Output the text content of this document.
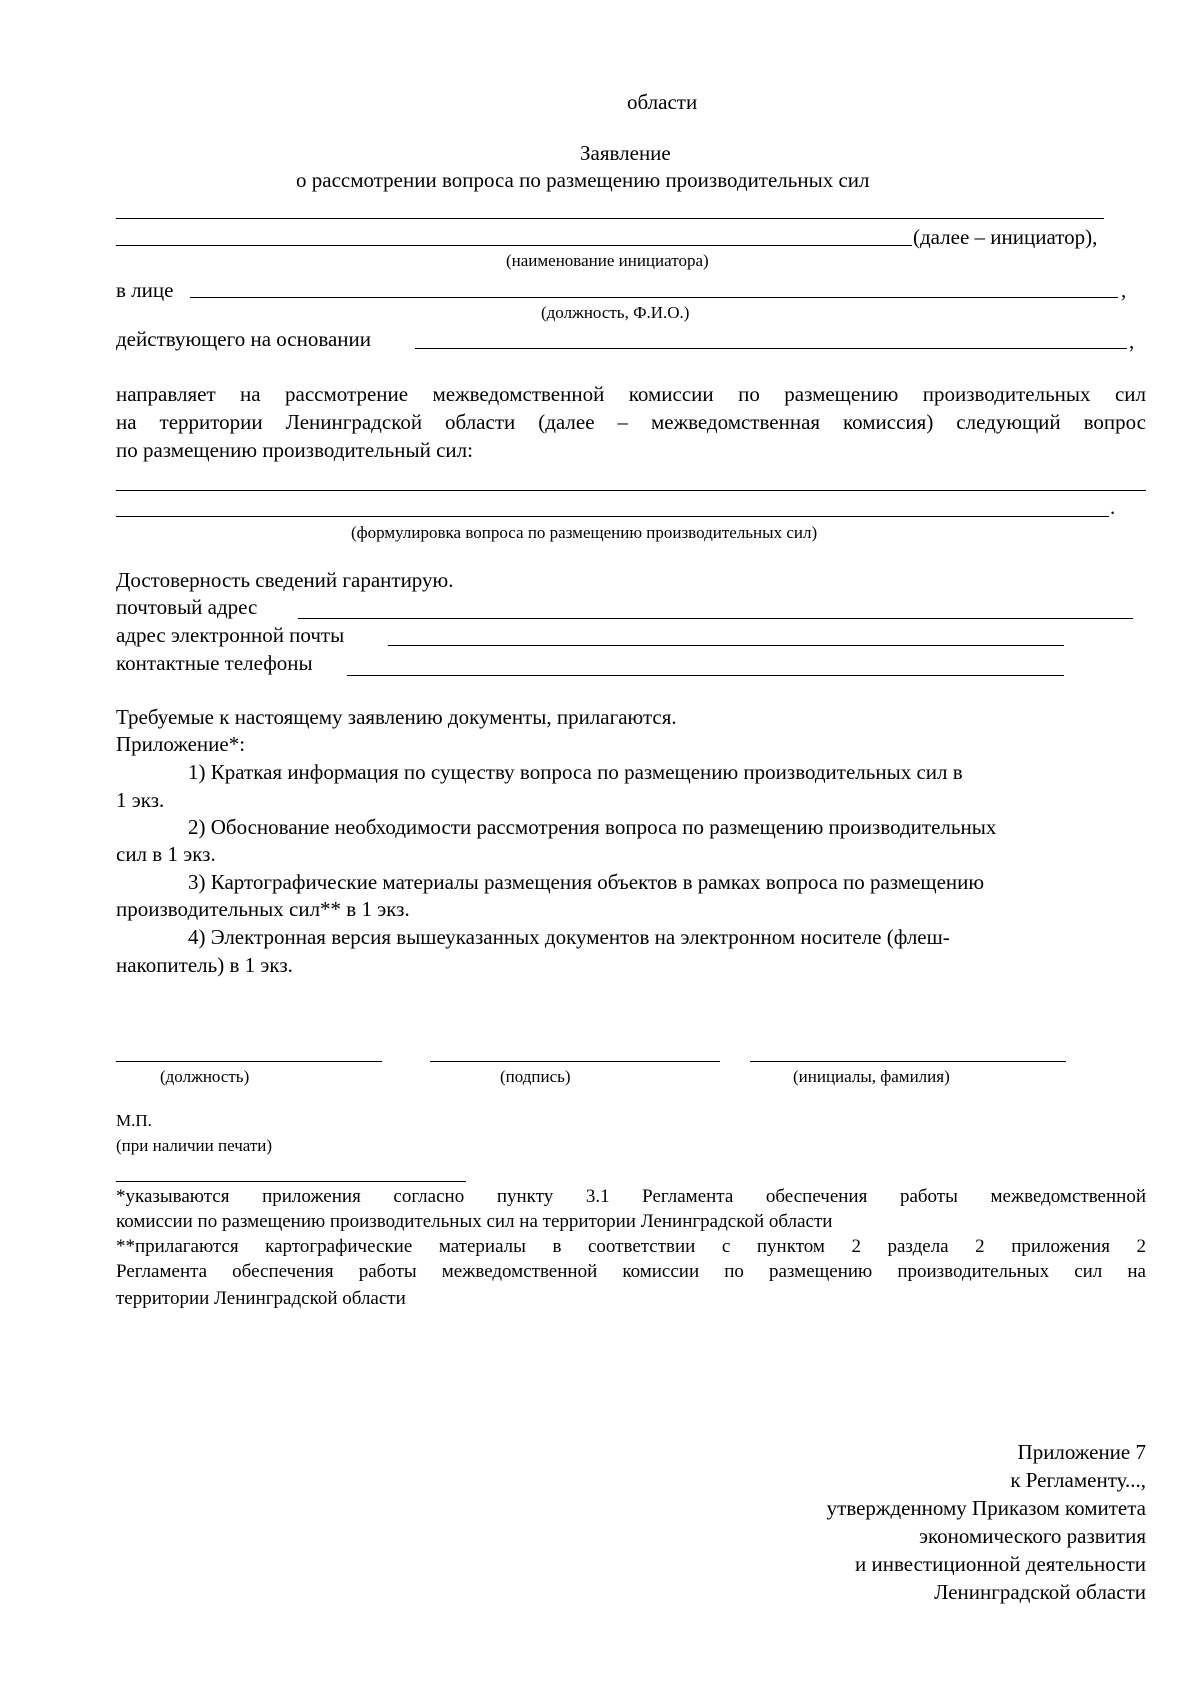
области
Заявление
о рассмотрении вопроса по размещению производительных сил
(далее – инициатор),
(наименование инициатора)
в лице	,
(должность, Ф.И.О.)
действующего на основании	,
направляет на рассмотрение межведомственной комиссии по размещению производительных сил
на территории Ленинградской области (далее – межведомственная комиссия) следующий вопрос
по размещению производительный сил:
.
(формулировка вопроса по размещению производительных сил)
Достоверность сведений гарантирую.
почтовый адрес
адрес электронной почты
контактные телефоны
Требуемые к настоящему заявлению документы, прилагаются.
Приложение*:
1) Краткая информация по существу вопроса по размещению производительных сил в
1 экз.
2) Обоснование необходимости рассмотрения вопроса по размещению производительных
сил в 1 экз.
3) Картографические материалы размещения объектов в рамках вопроса по размещению
производительных сил** в 1 экз.
4) Электронная версия вышеуказанных документов на электронном носителе (флеш-
накопитель) в 1 экз.
(должность)	(подпись)	(инициалы, фамилия)
М.П.
(при наличии печати)
*указываются приложения согласно пункту 3.1 Регламента обеспечения работы межведомственной
комиссии по размещению производительных сил на территории Ленинградской области
**прилагаются картографические материалы в соответствии с пунктом 2 раздела 2 приложения 2
Регламента обеспечения работы межведомственной комиссии по размещению производительных сил на
территории Ленинградской области
Приложение 7
к Регламенту...,
утвержденному Приказом комитета
экономического развития
и инвестиционной деятельности
Ленинградской области
